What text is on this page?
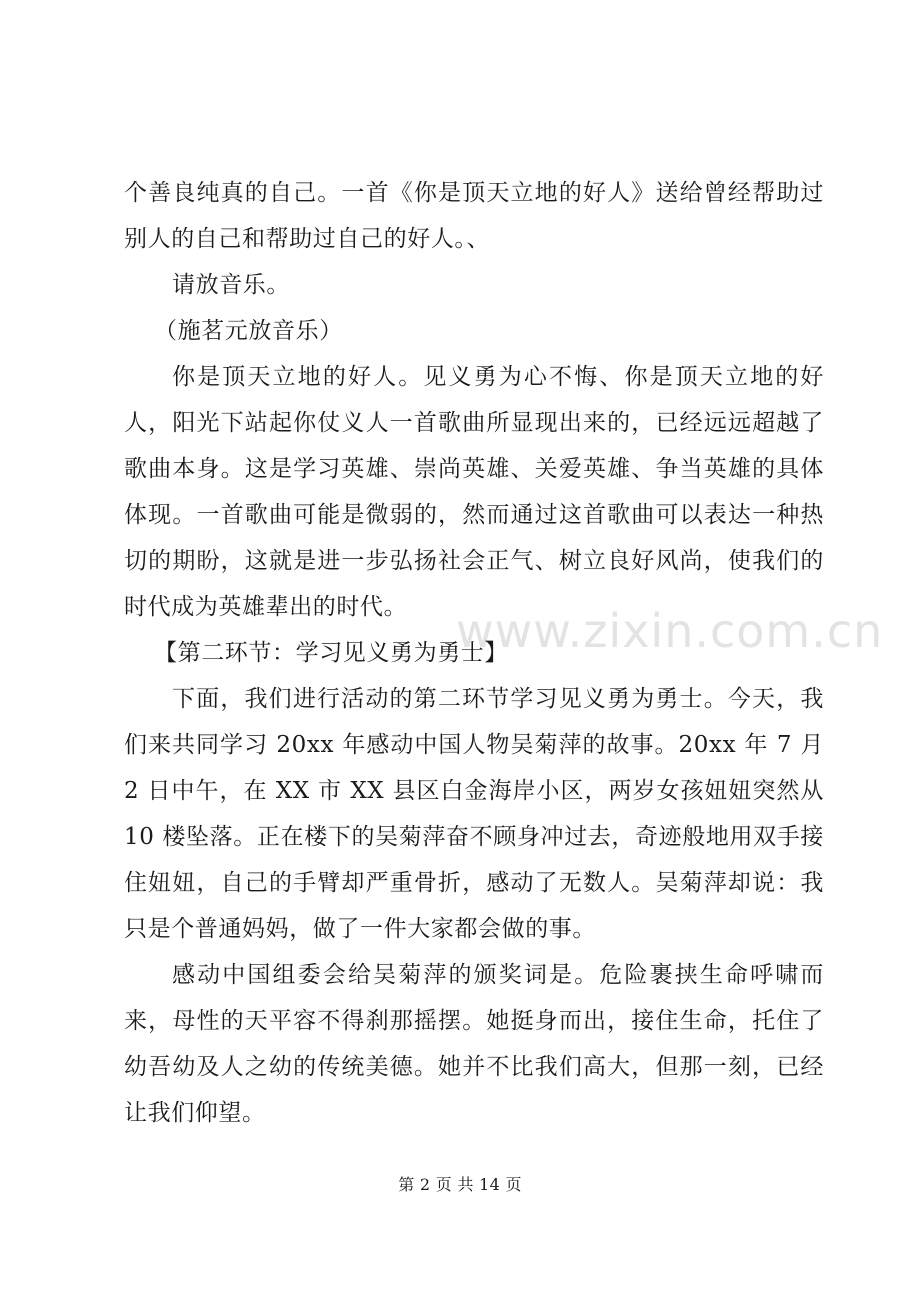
www.zixin.com.cn

个善良纯真的自己。一首《你是顶天立地的好人》送给曾经帮助过别人的自己和帮助过自己的好人。、

请放音乐。

（施茗元放音乐）

你是顶天立地的好人。见义勇为心不悔、你是顶天立地的好人，阳光下站起你仗义人一首歌曲所显现出来的，已经远远超越了歌曲本身。这是学习英雄、崇尚英雄、关爱英雄、争当英雄的具体体现。一首歌曲可能是微弱的，然而通过这首歌曲可以表达一种热切的期盼，这就是进一步弘扬社会正气、树立良好风尚，使我们的时代成为英雄辈出的时代。

【第二环节：学习见义勇为勇士】

下面，我们进行活动的第二环节学习见义勇为勇士。今天，我们来共同学习 20xx 年感动中国人物吴菊萍的故事。20xx 年 7 月 2 日中午，在 XX 市 XX 县区白金海岸小区，两岁女孩妞妞突然从 10 楼坠落。正在楼下的吴菊萍奋不顾身冲过去，奇迹般地用双手接住妞妞，自己的手臂却严重骨折，感动了无数人。吴菊萍却说：我只是个普通妈妈，做了一件大家都会做的事。

感动中国组委会给吴菊萍的颁奖词是。危险裹挟生命呼啸而来，母性的天平容不得刹那摇摆。她挺身而出，接住生命，托住了幼吾幼及人之幼的传统美德。她并不比我们高大，但那一刻，已经让我们仰望。

第 2 页 共 14 页
